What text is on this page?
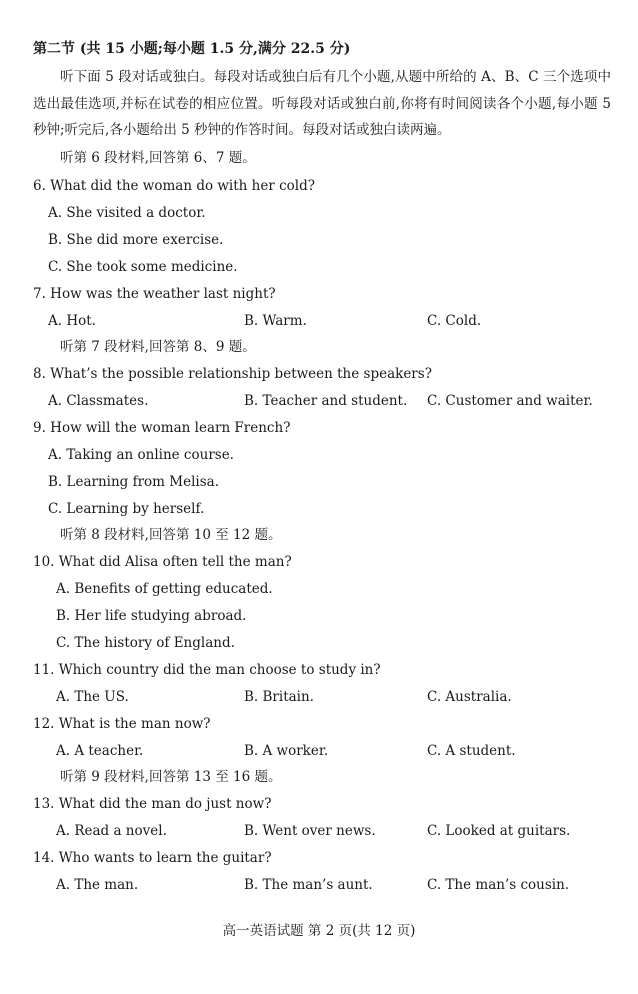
第二节 (共 15 小题;每小题 1.5 分,满分 22.5 分)
听下面 5 段对话或独白。每段对话或独白后有几个小题,从题中所给的 A、B、C 三个选项中选出最佳选项,并标在试卷的相应位置。听每段对话或独白前,你将有时间阅读各个小题,每小题 5 秒钟;听完后,各小题给出 5 秒钟的作答时间。每段对话或独白读两遍。
听第 6 段材料,回答第 6、7 题。
6. What did the woman do with her cold?
A. She visited a doctor.
B. She did more exercise.
C. She took some medicine.
7. How was the weather last night?
A. Hot.	B. Warm.	C. Cold.
听第 7 段材料,回答第 8、9 题。
8. What’s the possible relationship between the speakers?
A. Classmates.	B. Teacher and student. C. Customer and waiter.
9. How will the woman learn French?
A. Taking an online course.
B. Learning from Melisa.
C. Learning by herself.
听第 8 段材料,回答第 10 至 12 题。
10. What did Alisa often tell the man?
A. Benefits of getting educated.
B. Her life studying abroad.
C. The history of England.
11. Which country did the man choose to study in?
A. The US.	B. Britain.	C. Australia.
12. What is the man now?
A. A teacher.	B. A worker.	C. A student.
听第 9 段材料,回答第 13 至 16 题。
13. What did the man do just now?
A. Read a novel.	B. Went over news.	C. Looked at guitars.
14. Who wants to learn the guitar?
A. The man.	B. The man’s aunt.	C. The man’s cousin.
高一英语试题 第 2 页(共 12 页)
